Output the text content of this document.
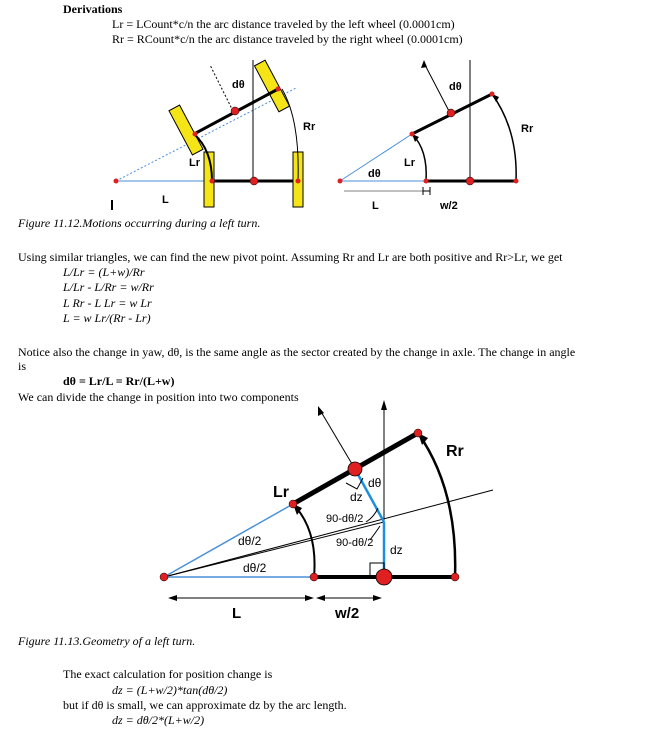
Derivations
Lr = LCount*c/n the arc distance traveled by the left wheel (0.0001cm)
Rr = RCount*c/n the arc distance traveled by the right wheel (0.0001cm)
dθ
Rr
Lr
L
dθ
Rr
Lr
dθ
L	w/2
Figure 11.12.Motions occurring during a left turn.
Using similar triangles, we can find the new pivot point. Assuming Rr and Lr are both positive and Rr>Lr, we get
L/Lr = (L+w)/Rr
L/Lr - L/Rr = w/Rr
L Rr - L Lr = w Lr
L = w Lr/(Rr - Lr)
Notice also the change in yaw, dθ, is the same angle as the sector created by the change in axle. The change in angle
is
dθ = Lr/L = Rr/(L+w)
We can divide the change in position into two components
Rr
Lr
dθ
dz
90-dθ/2
90-dθ/2 dz
dθ/2
dθ/2
L	w/2
Figure 11.13.Geometry of a left turn.
The exact calculation for position change is
dz = (L+w/2)*tan(dθ/2)
but if dθ is small, we can approximate dz by the arc length.
dz = dθ/2*(L+w/2)
